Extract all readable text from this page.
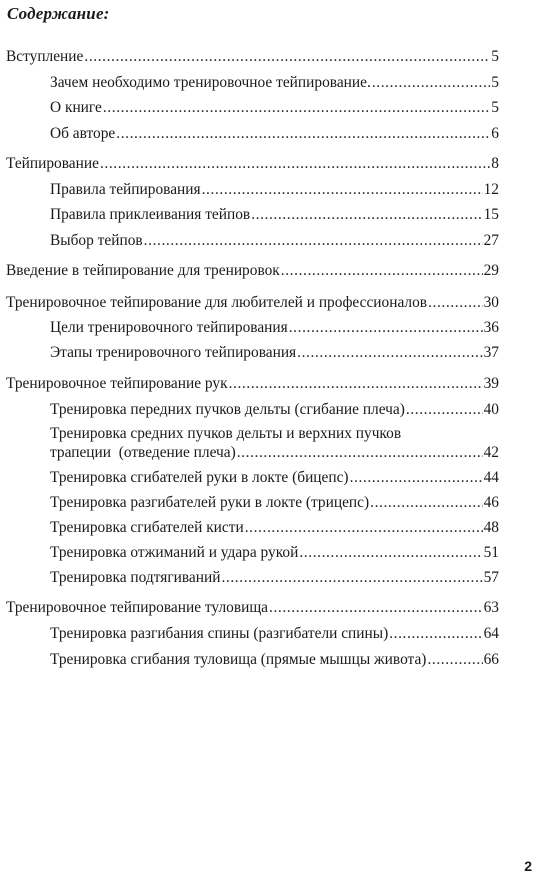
Содержание:
Вступление .....	5
Зачем необходимо тренировочное тейпирование. .....	5
О книге .....	5
Об авторе .....	6
Тейпирование .....	8
Правила тейпирования .....	12
Правила приклеивания тейпов .....	15
Выбор тейпов .....	27
Введение в тейпирование для тренировок .....	29
Тренировочное тейпирование для любителей и профессионалов .....	30
Цели тренировочного тейпирования .....	36
Этапы тренировочного тейпирования .....	37
Тренировочное тейпирование рук .....	39
Тренировка передних пучков дельты (сгибание плеча) .....	40
Тренировка средних пучков дельты и верхних пучков
трапеции  (отведение плеча) .....	42
Тренировка сгибателей руки в локте (бицепс) .....	44
Тренировка разгибателей руки в локте (трицепс) .....	46
Тренировка сгибателей кисти .....	48
Тренировка отжиманий и удара рукой .....	51
Тренировка подтягиваний .....	57
Тренировочное тейпирование туловища .....	63
Тренировка разгибания спины (разгибатели спины) .....	64
Тренировка сгибания туловища (прямые мышцы живота) .....	66
2
